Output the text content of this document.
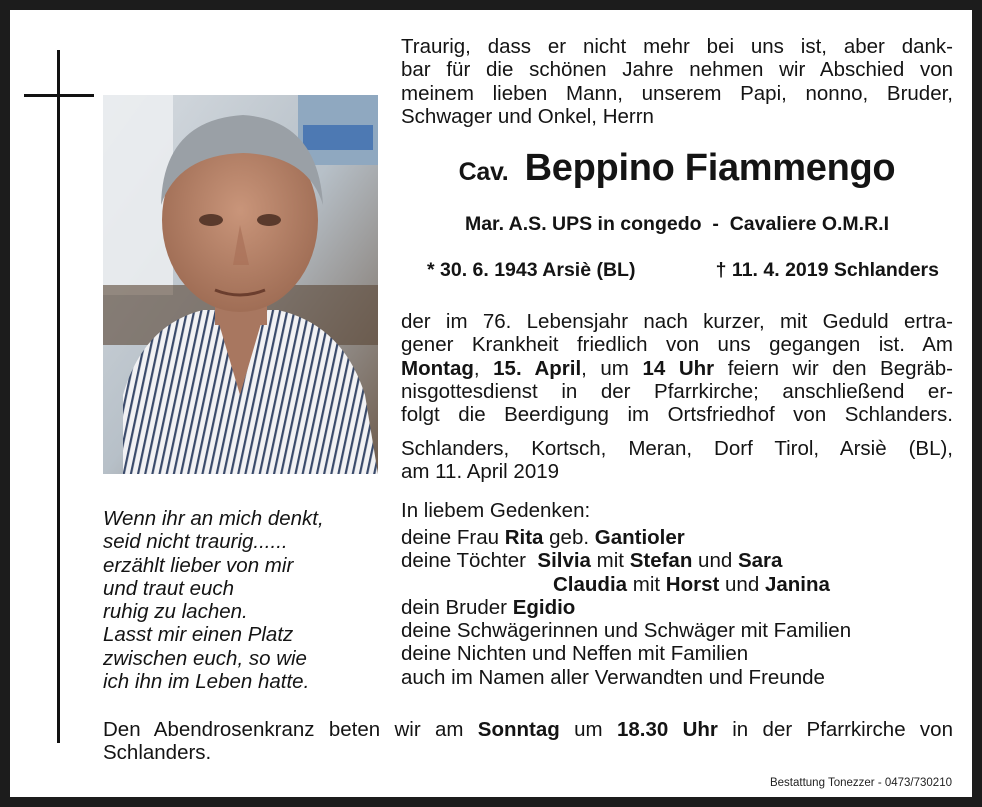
Traurig, dass er nicht mehr bei uns ist, aber dank-
bar für die schönen Jahre nehmen wir Abschied von
meinem lieben Mann, unserem Papi, nonno, Bruder,
Schwager und Onkel, Herrn
Cav. Beppino Fiammengo
Mar. A.S. UPS in congedo  -  Cavaliere O.M.R.I
* 30. 6. 1943 Arsiè (BL)	† 11. 4. 2019 Schlanders
der im 76. Lebensjahr nach kurzer, mit Geduld ertra-
gener Krankheit friedlich von uns gegangen ist. Am
Montag, 15. April, um 14 Uhr feiern wir den Begräb-
nisgottesdienst in der Pfarrkirche; anschließend er-
folgt die Beerdigung im Ortsfriedhof von Schlanders.
Schlanders, Kortsch, Meran, Dorf Tirol, Arsiè (BL),
am 11. April 2019
In liebem Gedenken:
deine Frau Rita geb. Gantioler
deine Töchter Silvia mit Stefan und Sara
Claudia mit Horst und Janina
dein Bruder Egidio
deine Schwägerinnen und Schwäger mit Familien
deine Nichten und Neffen mit Familien
auch im Namen aller Verwandten und Freunde
Wenn ihr an mich denkt,
seid nicht traurig......
erzählt lieber von mir
und traut euch
ruhig zu lachen.
Lasst mir einen Platz
zwischen euch, so wie
ich ihn im Leben hatte.
Den Abendrosenkranz beten wir am Sonntag um 18.30 Uhr in der Pfarrkirche von
Schlanders.
Bestattung Tonezzer - 0473/730210
